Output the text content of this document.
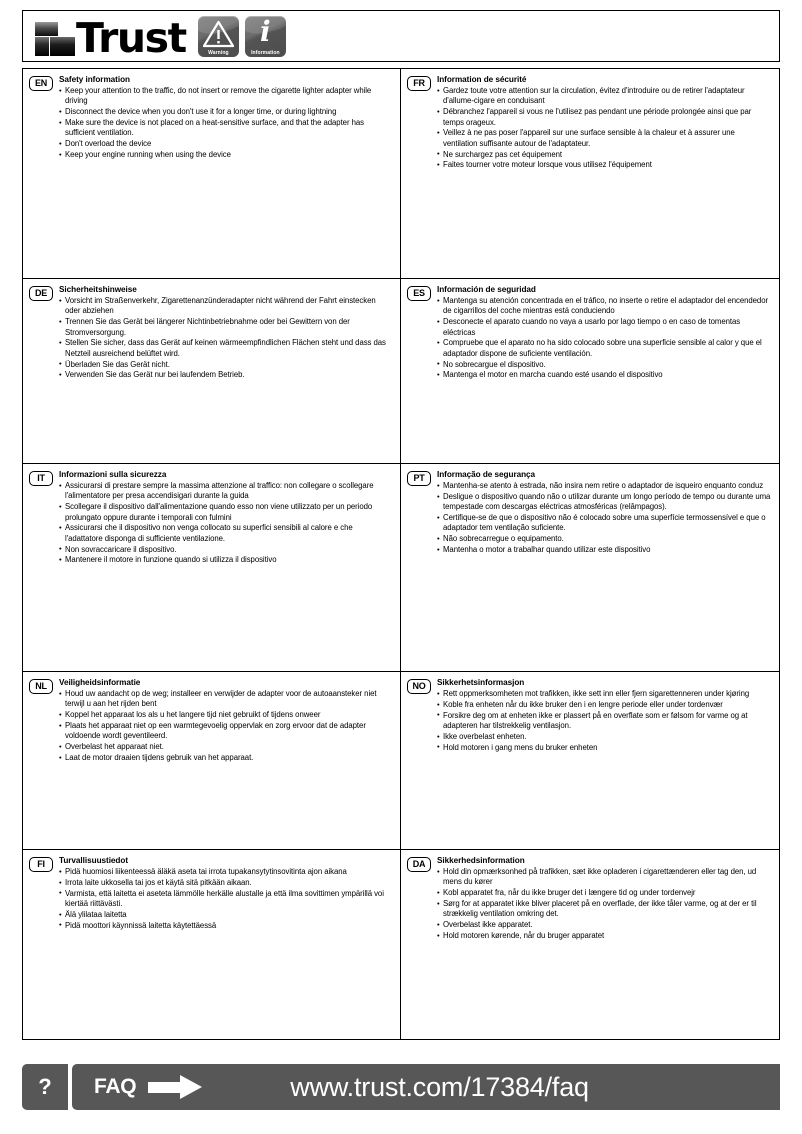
Trust	Warning
i
Information
EN	Safety information
• Keep your attention to the traffic, do not insert or remove the cigarette lighter adapter while driving
• Disconnect the device when you don't use it for a longer time, or during lightning
• Make sure the device is not placed on a heat-sensitive surface, and that the adapter has sufficient ventilation.
• Don't overload the device
• Keep your engine running when using the device
FR	Information de sécurité
• Gardez toute votre attention sur la circulation, évitez d'introduire ou de retirer l'adaptateur d'allume-cigare en conduisant
• Débranchez l'appareil si vous ne l'utilisez pas pendant une période prolongée ainsi que par temps orageux.
• Veillez à ne pas poser l'appareil sur une surface sensible à la chaleur et à assurer une ventilation suffisante autour de l'adaptateur.
• Ne surchargez pas cet équipement
• Faites tourner votre moteur lorsque vous utilisez l'équipement
DE	Sicherheitshinweise
• Vorsicht im Straßenverkehr, Zigarettenanzünderadapter nicht während der Fahrt einstecken oder abziehen
• Trennen Sie das Gerät bei längerer Nichtinbetriebnahme oder bei Gewittern von der Stromversorgung.
• Stellen Sie sicher, dass das Gerät auf keinen wärmeempfindlichen Flächen steht und dass das Netzteil ausreichend belüftet wird.
• Überladen Sie das Gerät nicht.
• Verwenden Sie das Gerät nur bei laufendem Betrieb.
ES	Información de seguridad
• Mantenga su atención concentrada en el tráfico, no inserte o retire el adaptador del encendedor de cigarrillos del coche mientras está conduciendo
• Desconecte el aparato cuando no vaya a usarlo por lago tiempo o en caso de tomentas eléctricas
• Compruebe que el aparato no ha sido colocado sobre una superficie sensible al calor y que el adaptador dispone de suficiente ventilación.
• No sobrecargue el dispositivo.
• Mantenga el motor en marcha cuando esté usando el dispositivo
IT	Informazioni sulla sicurezza
• Assicurarsi di prestare sempre la massima attenzione al traffico: non collegare o scollegare l'alimentatore per presa accendisigari durante la guida
• Scollegare il dispositivo dall'alimentazione quando esso non viene utilizzato per un periodo prolungato oppure durante i temporali con fulmini
• Assicurarsi che il dispositivo non venga collocato su superfici sensibili al calore e che l'adattatore disponga di sufficiente ventilazione.
• Non sovraccaricare il dispositivo.
• Mantenere il motore in funzione quando si utilizza il dispositivo
PT	Informação de segurança
• Mantenha-se atento à estrada, não insira nem retire o adaptador de isqueiro enquanto conduz
• Desligue o dispositivo quando não o utilizar durante um longo período de tempo ou durante uma tempestade com descargas eléctricas atmosféricas (relâmpagos).
• Certifique-se de que o dispositivo não é colocado sobre uma superfície termossensível e que o adaptador tem ventilação suficiente.
• Não sobrecarregue o equipamento.
• Mantenha o motor a trabalhar quando utilizar este dispositivo
NL	Veiligheidsinformatie
• Houd uw aandacht op de weg; installeer en verwijder de adapter voor de autoaansteker niet terwijl u aan het rijden bent
• Koppel het apparaat los als u het langere tijd niet gebruikt of tijdens onweer
• Plaats het apparaat niet op een warmtegevoelig oppervlak en zorg ervoor dat de adapter voldoende wordt geventileerd.
• Overbelast het apparaat niet.
• Laat de motor draaien tijdens gebruik van het apparaat.
NO	Sikkerhetsinformasjon
• Rett oppmerksomheten mot trafikken, ikke sett inn eller fjern sigarettenneren under kjøring
• Koble fra enheten når du ikke bruker den i en lengre periode eller under tordenvær
• Forsikre deg om at enheten ikke er plassert på en overflate som er følsom for varme og at adapteren har tilstrekkelig ventilasjon.
• Ikke overbelast enheten.
• Hold motoren i gang mens du bruker enheten
FI	Turvallisuustiedot
• Pidä huomiosi liikenteessä äläkä aseta tai irrota tupakansytytinsovitinta ajon aikana
• Irrota laite ukkosella tai jos et käytä sitä pitkään aikaan.
• Varmista, että laitetta ei aseteta lämmölle herkälle alustalle ja että ilma sovittimen ympärillä voi kiertää riittävästi.
• Älä ylilataa laitetta
• Pidä moottori käynnissä laitetta käytettäessä
DA	Sikkerhedsinformation
• Hold din opmærksonhed på trafikken, sæt ikke opladeren i cigarettænderen eller tag den, ud mens du kører
• Kobl apparatet fra, når du ikke bruger det i længere tid og under tordenvejr
• Sørg for at apparatet ikke bliver placeret på en overflade, der ikke tåler varme, og at der er til strækkelig ventilation omkring det.
• Overbelast ikke apparatet.
• Hold motoren kørende, når du bruger apparatet
?	FAQ	www.trust.com/17384/faq
